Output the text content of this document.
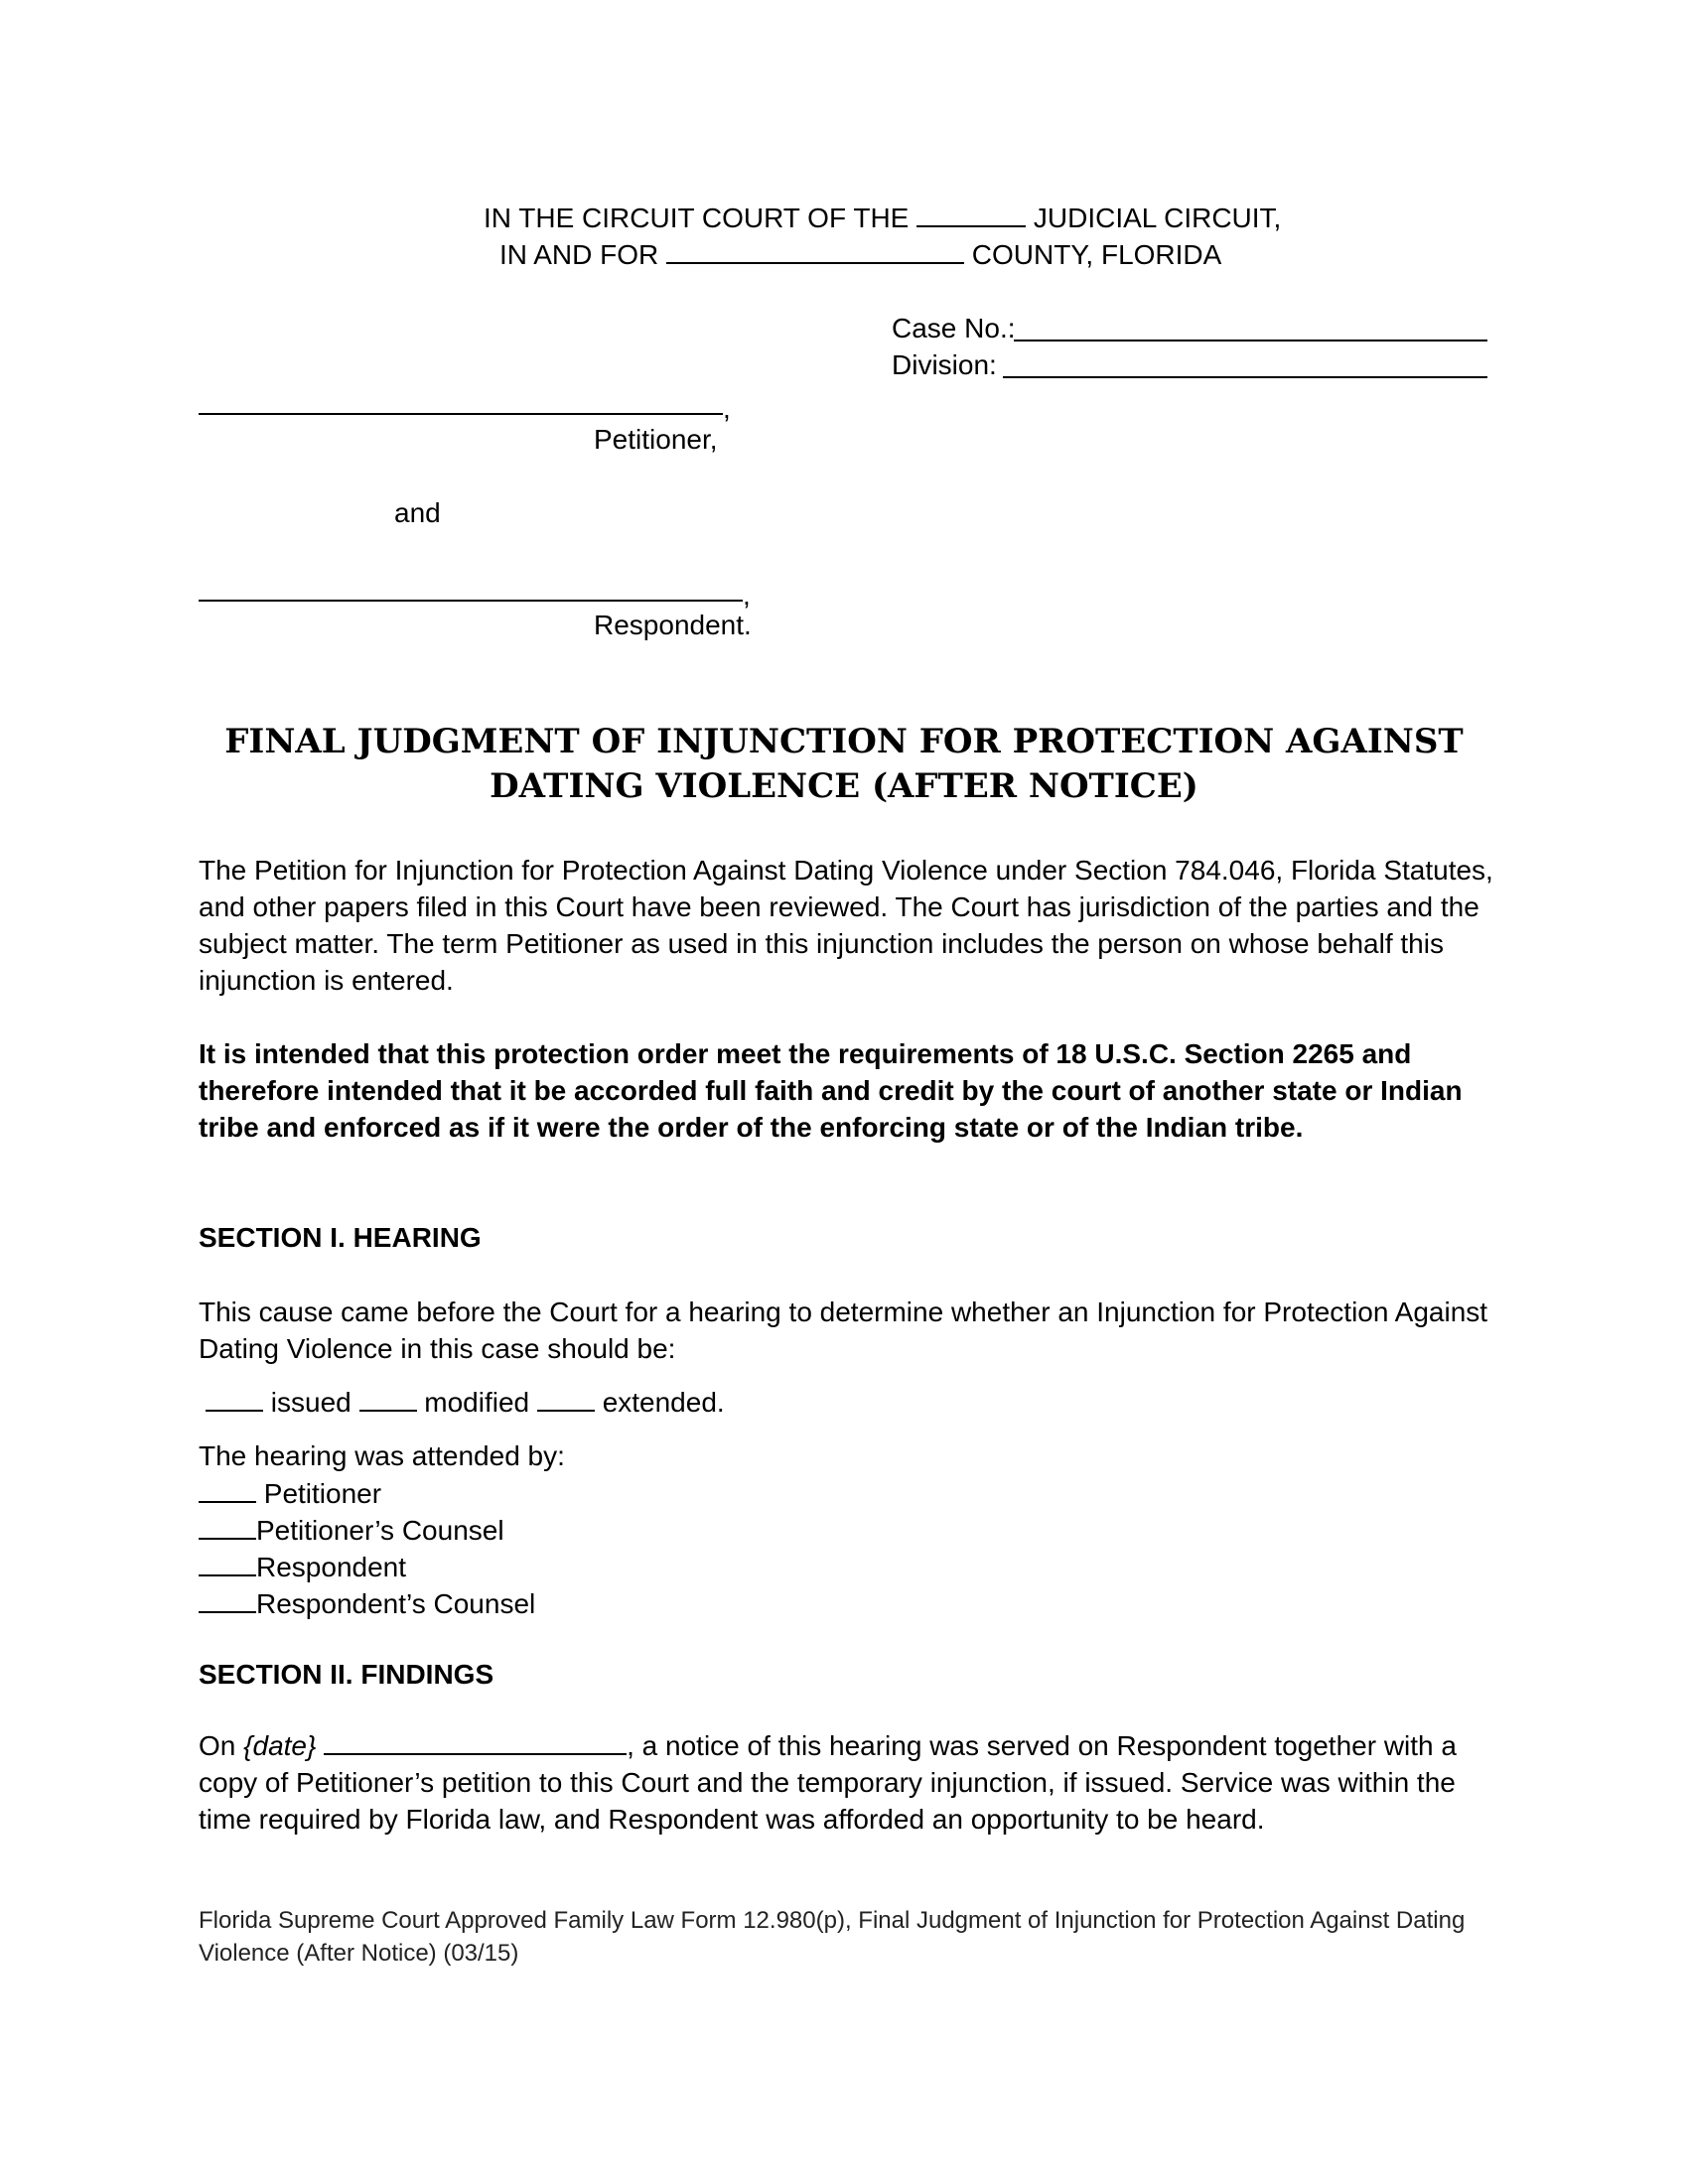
IN THE CIRCUIT COURT OF THE	JUDICIAL CIRCUIT,
IN AND FOR	COUNTY, FLORIDA
Case No.:
Division:
,
Petitioner,
and
,
Respondent.
FINAL JUDGMENT OF INJUNCTION FOR PROTECTION AGAINST
DATING VIOLENCE (AFTER NOTICE)
The Petition for Injunction for Protection Against Dating Violence under Section 784.046, Florida Statutes, and other papers filed in this Court have been reviewed. The Court has jurisdiction of the parties and the subject matter. The term Petitioner as used in this injunction includes the person on whose behalf this injunction is entered.
It is intended that this protection order meet the requirements of 18 U.S.C. Section 2265 and therefore intended that it be accorded full faith and credit by the court of another state or Indian tribe and enforced as if it were the order of the enforcing state or of the Indian tribe.
SECTION I. HEARING
This cause came before the Court for a hearing to determine whether an Injunction for Protection Against Dating Violence in this case should be:
issued	modified	extended.
The hearing was attended by:
Petitioner
Petitioner’s Counsel
Respondent
Respondent’s Counsel
SECTION II. FINDINGS
On {date}	, a notice of this hearing was served on Respondent together with a copy of Petitioner’s petition to this Court and the temporary injunction, if issued. Service was within the time required by Florida law, and Respondent was afforded an opportunity to be heard.
Florida Supreme Court Approved Family Law Form 12.980(p), Final Judgment of Injunction for Protection Against Dating Violence (After Notice) (03/15)
